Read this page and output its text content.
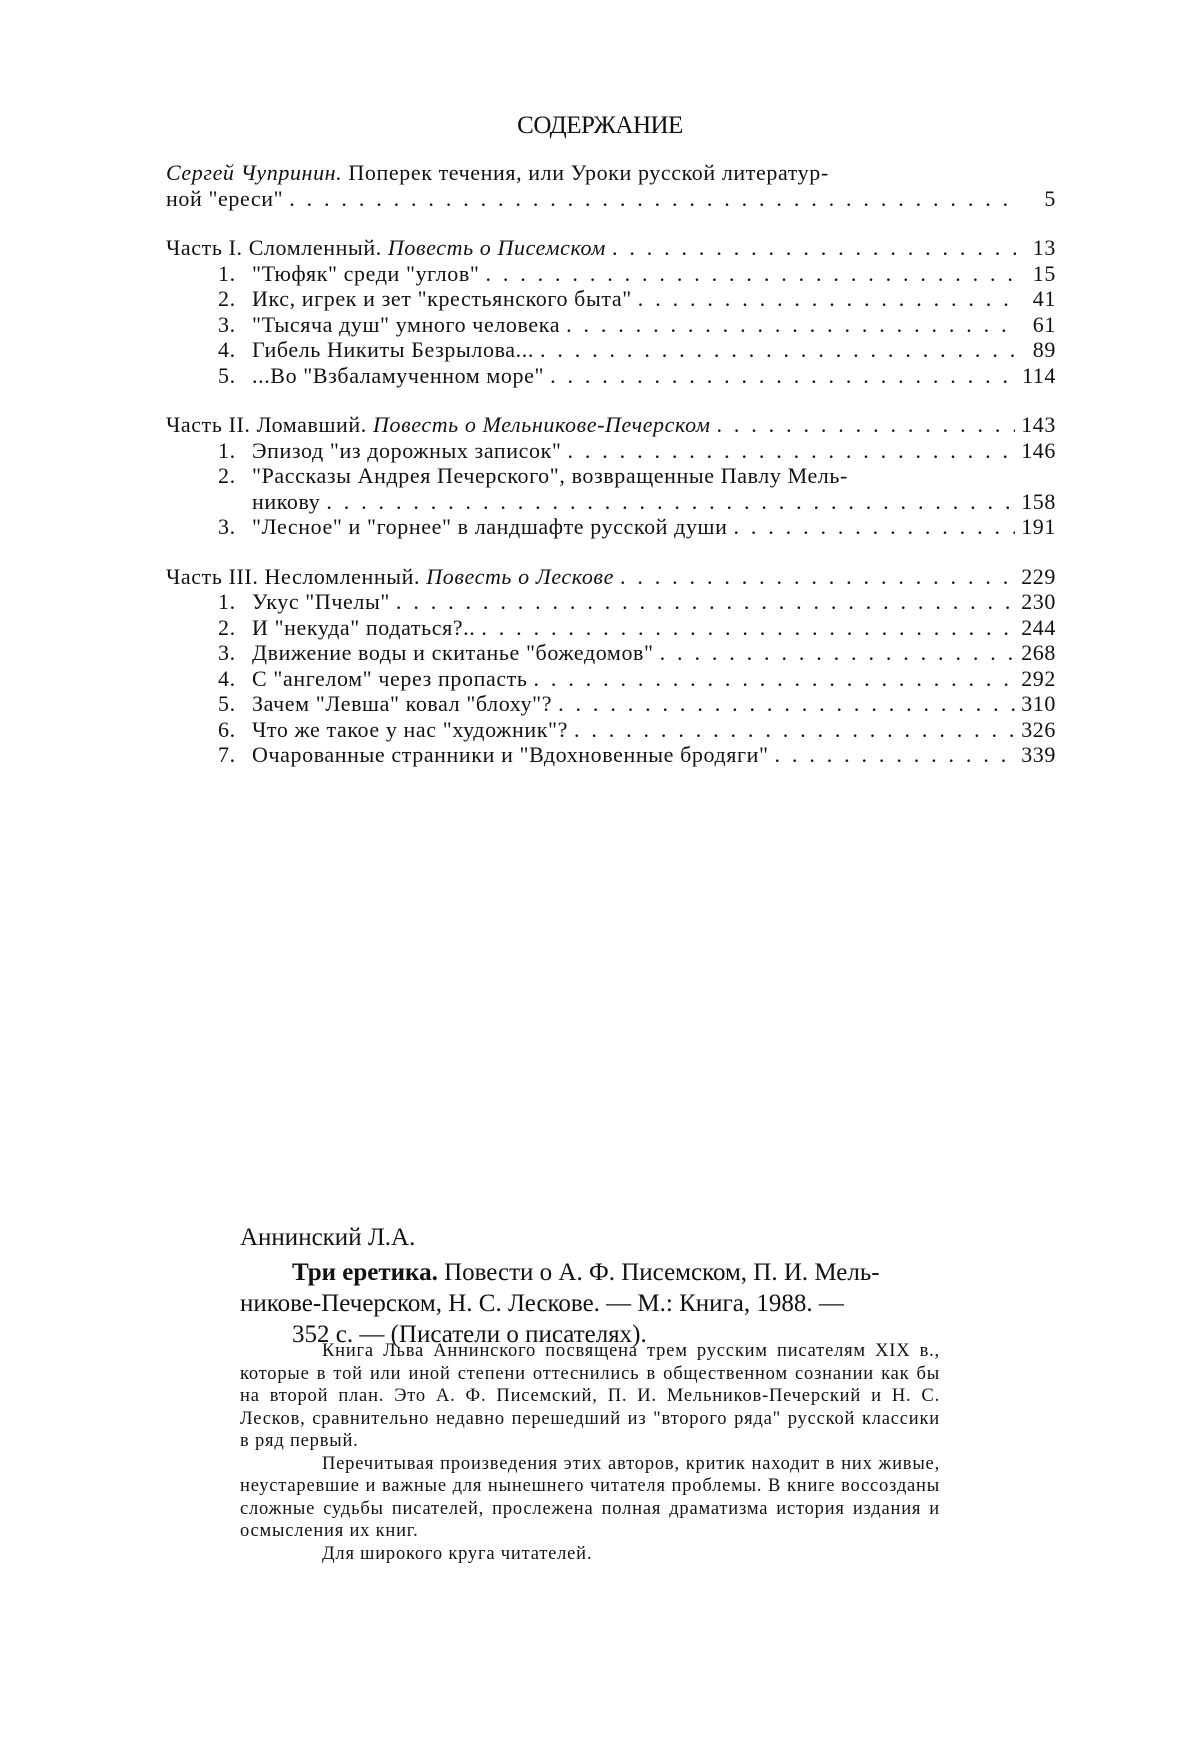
СОДЕРЖАНИЕ
Сергей Чупринин. Поперек течения, или Уроки русской литератур-
ной "ереси" . . .	5
Часть I. Сломленный. Повесть о Писемском . . .	13
1. "Тюфяк" среди "углов" . . .	15
2. Икс, игрек и зет "крестьянского быта" . . .	41
3. "Тысяча душ" умного человека . . .	61
4. Гибель Никиты Безрылова... . . .	89
5. ...Во "Взбаламученном море" . . .	114
Часть II. Ломавший. Повесть о Мельникове-Печерском . . .	143
1. Эпизод "из дорожных записок" . . .	146
2. "Рассказы Андрея Печерского", возвращенные Павлу Мель-
никову . . .	158
3. "Лесное" и "горнее" в ландшафте русской души . . .	191
Часть III. Несломленный. Повесть о Лескове . . .	229
1. Укус "Пчелы" . . .	230
2. И "некуда" податься?.. . . .	244
3. Движение воды и скитанье "божедомов" . . .	268
4. С "ангелом" через пропасть . . .	292
5. Зачем "Левша" ковал "блоху"? . . .	310
6. Что же такое у нас "художник"? . . .	326
7. Очарованные странники и "Вдохновенные бродяги" . . .	339
Аннинский Л.А.
Три еретика. Повести о А. Ф. Писемском, П. И. Мель-
никове-Печерском, Н. С. Лескове. — М.: Книга, 1988. —
352 с. — (Писатели о писателях).

Книга Льва Аннинского посвящена трем русским писателям XIX в., которые в той или иной степени оттеснились в общественном сознании как бы на второй план. Это А. Ф. Писемский, П. И. Мельников-Печерский и Н. С. Лесков, сравнительно недавно перешедший из "второго ряда" русской классики в ряд первый.

Перечитывая произведения этих авторов, критик находит в них живые, неустаревшие и важные для нынешнего читателя проблемы. В книге воссозданы сложные судьбы писателей, прослежена полная драматизма история издания и осмысления их книг.

Для широкого круга читателей.
